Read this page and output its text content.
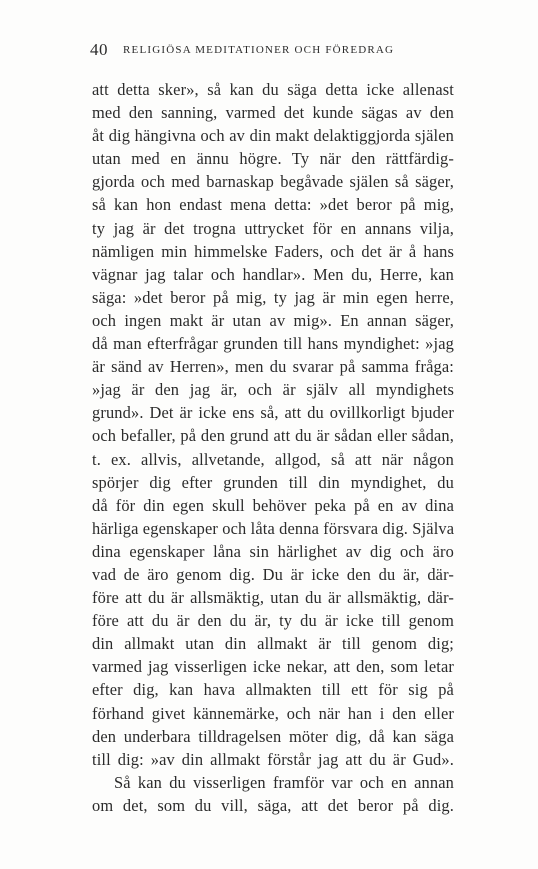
40 RELIGIÖSA MEDITATIONER OCH FÖREDRAG
att detta sker», så kan du säga detta icke allenast
med den sanning, varmed det kunde sägas av den
åt dig hängivna och av din makt delaktiggjorda själen
utan med en ännu högre. Ty när den rättfärdig-
gjorda och med barnaskap begåvade själen så säger,
så kan hon endast mena detta: »det beror på mig,
ty jag är det trogna uttrycket för en annans vilja,
nämligen min himmelske Faders, och det är å hans
vägnar jag talar och handlar». Men du, Herre, kan
säga: »det beror på mig, ty jag är min egen herre,
och ingen makt är utan av mig». En annan säger,
då man efterfrågar grunden till hans myndighet: »jag
är sänd av Herren», men du svarar på samma fråga:
»jag är den jag är, och är själv all myndighets
grund». Det är icke ens så, att du ovillkorligt bjuder
och befaller, på den grund att du är sådan eller sådan,
t. ex. allvis, allvetande, allgod, så att när någon
spörjer dig efter grunden till din myndighet, du
då för din egen skull behöver peka på en av dina
härliga egenskaper och låta denna försvara dig. Själva
dina egenskaper låna sin härlighet av dig och äro
vad de äro genom dig. Du är icke den du är, där-
före att du är allsmäktig, utan du är allsmäktig, där-
före att du är den du är, ty du är icke till genom
din allmakt utan din allmakt är till genom dig;
varmed jag visserligen icke nekar, att den, som letar
efter dig, kan hava allmakten till ett för sig på
förhand givet kännemärke, och när han i den eller
den underbara tilldragelsen möter dig, då kan säga
till dig: »av din allmakt förstår jag att du är Gud».
Så kan du visserligen framför var och en annan
om det, som du vill, säga, att det beror på dig.
